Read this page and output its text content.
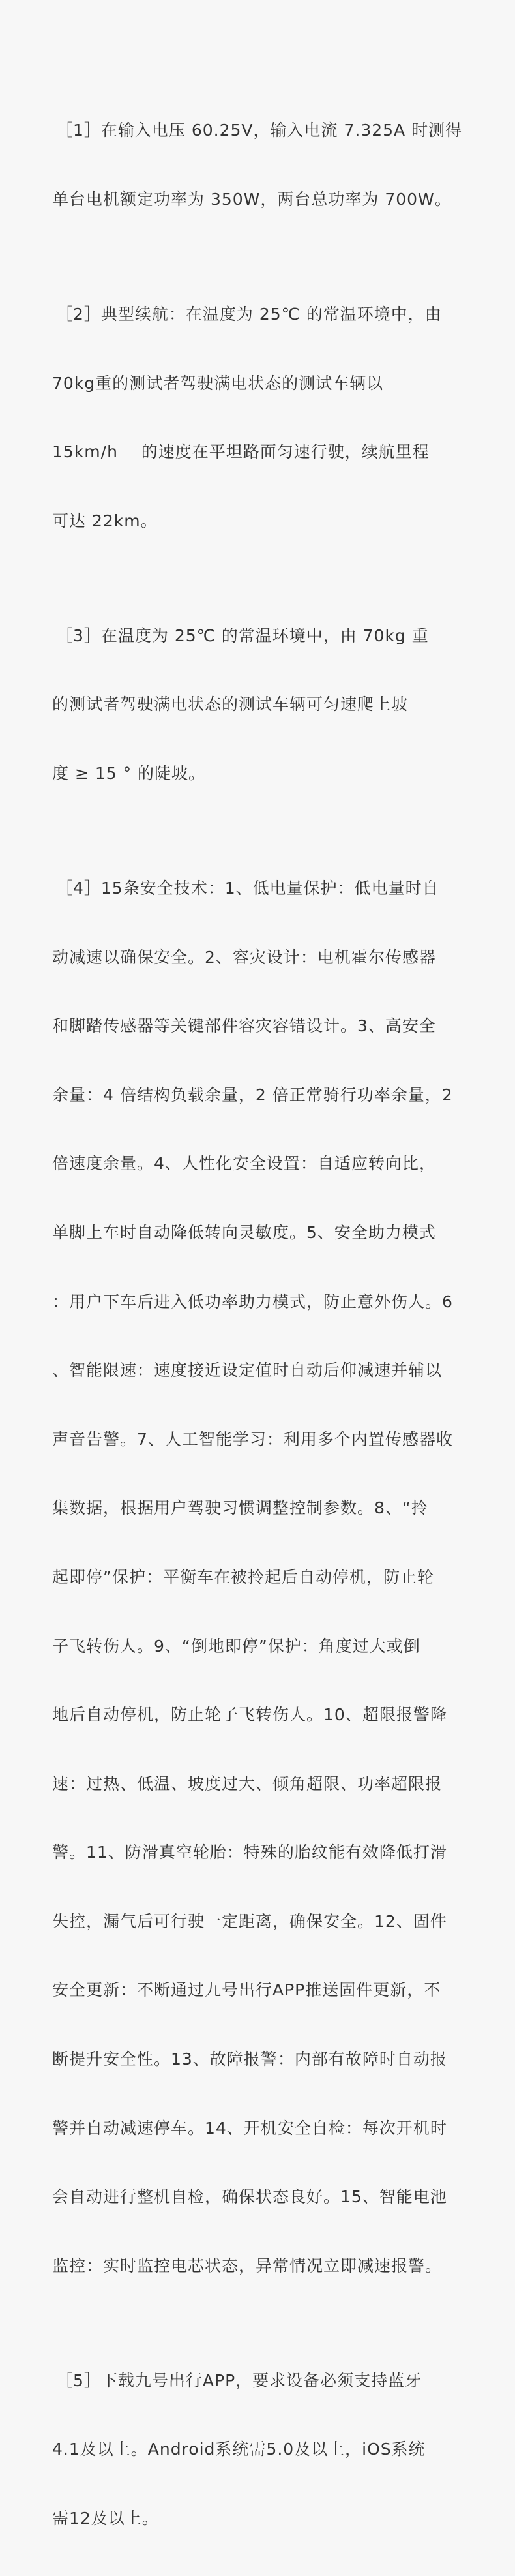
［1］在输入电压 60.25V，输入电流 7.325A 时测得

单台电机额定功率为 350W，两台总功率为 700W。

［2］典型续航：在温度为 25℃ 的常温环境中，由

70kg重的测试者驾驶满电状态的测试车辆以

15km/h    的速度在平坦路面匀速行驶，续航里程

可达 22km。

［3］在温度为 25℃ 的常温环境中，由 70kg 重

的测试者驾驶满电状态的测试车辆可匀速爬上坡

度 ≥ 15 ° 的陡坡。

［4］15条安全技术：1、低电量保护：低电量时自

动减速以确保安全。2、容灾设计：电机霍尔传感器

和脚踏传感器等关键部件容灾容错设计。3、高安全

余量：4 倍结构负载余量，2 倍正常骑行功率余量，2

倍速度余量。4、人性化安全设置：自适应转向比，

单脚上车时自动降低转向灵敏度。5、安全助力模式

：用户下车后进入低功率助力模式，防止意外伤人。6

、智能限速：速度接近设定值时自动后仰减速并辅以

声音告警。7、人工智能学习：利用多个内置传感器收

集数据，根据用户驾驶习惯调整控制参数。8、“拎

起即停”保护：平衡车在被拎起后自动停机，防止轮

子飞转伤人。9、“倒地即停”保护：角度过大或倒

地后自动停机，防止轮子飞转伤人。10、超限报警降

速：过热、低温、坡度过大、倾角超限、功率超限报

警。11、防滑真空轮胎：特殊的胎纹能有效降低打滑

失控，漏气后可行驶一定距离，确保安全。12、固件

安全更新：不断通过九号出行APP推送固件更新，不

断提升安全性。13、故障报警：内部有故障时自动报

警并自动减速停车。14、开机安全自检：每次开机时

会自动进行整机自检，确保状态良好。15、智能电池

监控：实时监控电芯状态，异常情况立即减速报警。

［5］下载九号出行APP，要求设备必须支持蓝牙

4.1及以上。Android系统需5.0及以上，iOS系统

需12及以上。
